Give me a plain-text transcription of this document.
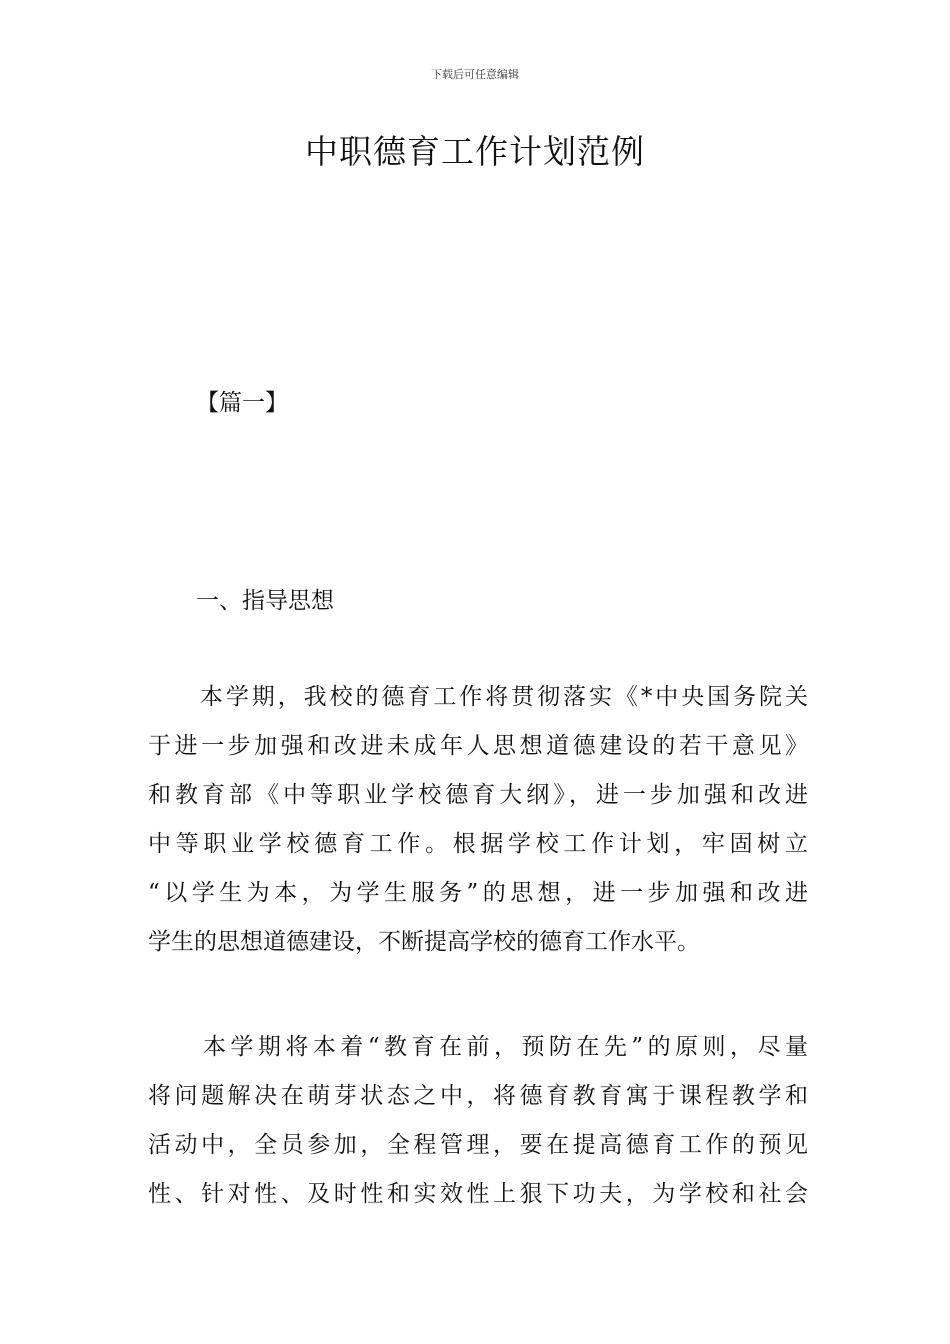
下载后可任意编辑
中职德育工作计划范例
【篇一】
一、指导思想
　　本学期，我校的德育工作将贯彻落实《*中央国务院关
于进一步加强和改进未成年人思想道德建设的若干意见》
和教育部《中等职业学校德育大纲》，进一步加强和改进
中等职业学校德育工作。根据学校工作计划，牢固树立
“以学生为本，为学生服务”的思想，进一步加强和改进
学生的思想道德建设，不断提高学校的德育工作水平。
　　本学期将本着“教育在前，预防在先”的原则，尽量
将问题解决在萌芽状态之中，将德育教育寓于课程教学和
活动中，全员参加，全程管理，要在提高德育工作的预见
性、针对性、及时性和实效性上狠下功夫，为学校和社会
